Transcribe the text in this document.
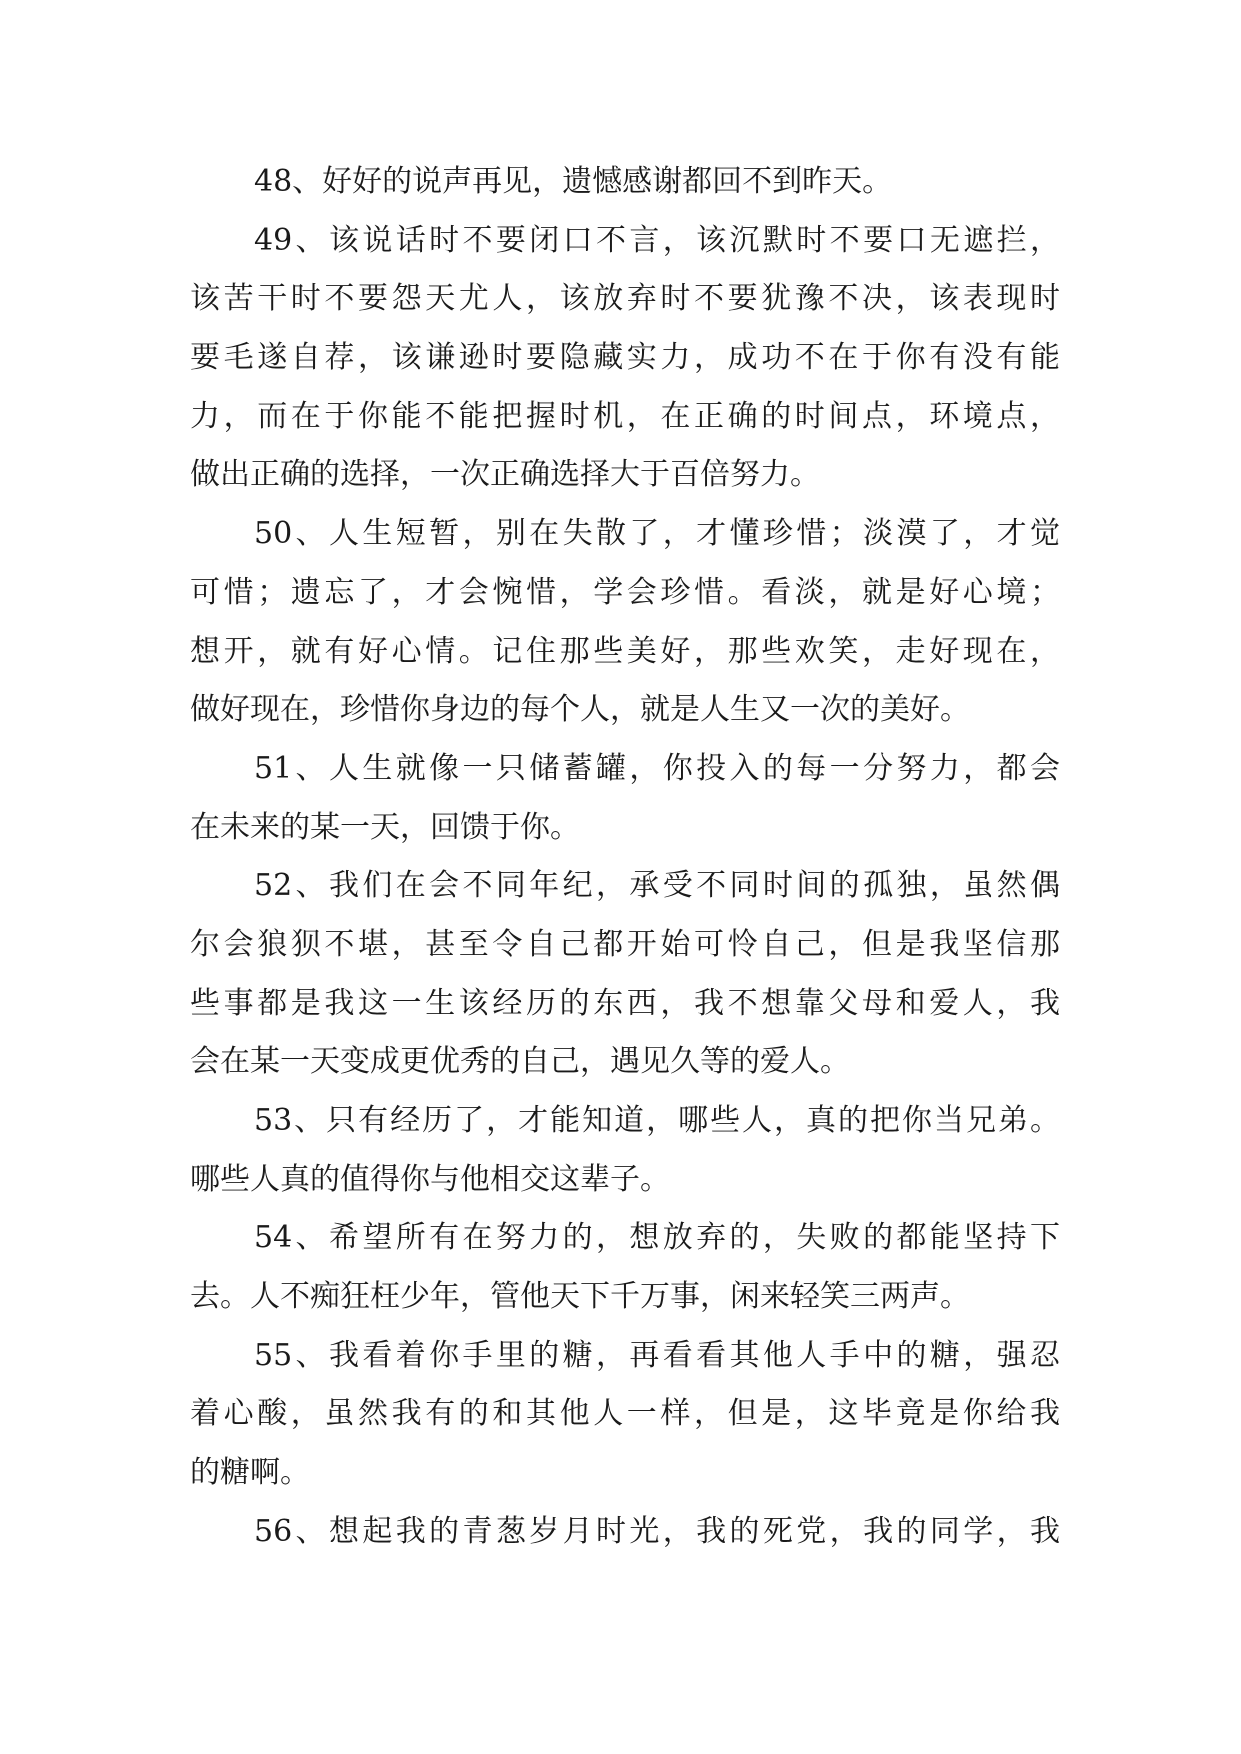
48、好好的说声再见，遗憾感谢都回不到昨天。
49、该说话时不要闭口不言，该沉默时不要口无遮拦，
该苦干时不要怨天尤人，该放弃时不要犹豫不决，该表现时
要毛遂自荐，该谦逊时要隐藏实力，成功不在于你有没有能
力，而在于你能不能把握时机，在正确的时间点，环境点，
做出正确的选择，一次正确选择大于百倍努力。
50、人生短暂，别在失散了，才懂珍惜；淡漠了，才觉
可惜；遗忘了，才会惋惜，学会珍惜。看淡，就是好心境；
想开，就有好心情。记住那些美好，那些欢笑，走好现在，
做好现在，珍惜你身边的每个人，就是人生又一次的美好。
51、人生就像一只储蓄罐，你投入的每一分努力，都会
在未来的某一天，回馈于你。
52、我们在会不同年纪，承受不同时间的孤独，虽然偶
尔会狼狈不堪，甚至令自己都开始可怜自己，但是我坚信那
些事都是我这一生该经历的东西，我不想靠父母和爱人，我
会在某一天变成更优秀的自己，遇见久等的爱人。
53、只有经历了，才能知道，哪些人，真的把你当兄弟。
哪些人真的值得你与他相交这辈子。
54、希望所有在努力的，想放弃的，失败的都能坚持下
去。人不痴狂枉少年，管他天下千万事，闲来轻笑三两声。
55、我看着你手里的糖，再看看其他人手中的糖，强忍
着心酸，虽然我有的和其他人一样，但是，这毕竟是你给我
的糖啊。
56、想起我的青葱岁月时光，我的死党，我的同学，我
